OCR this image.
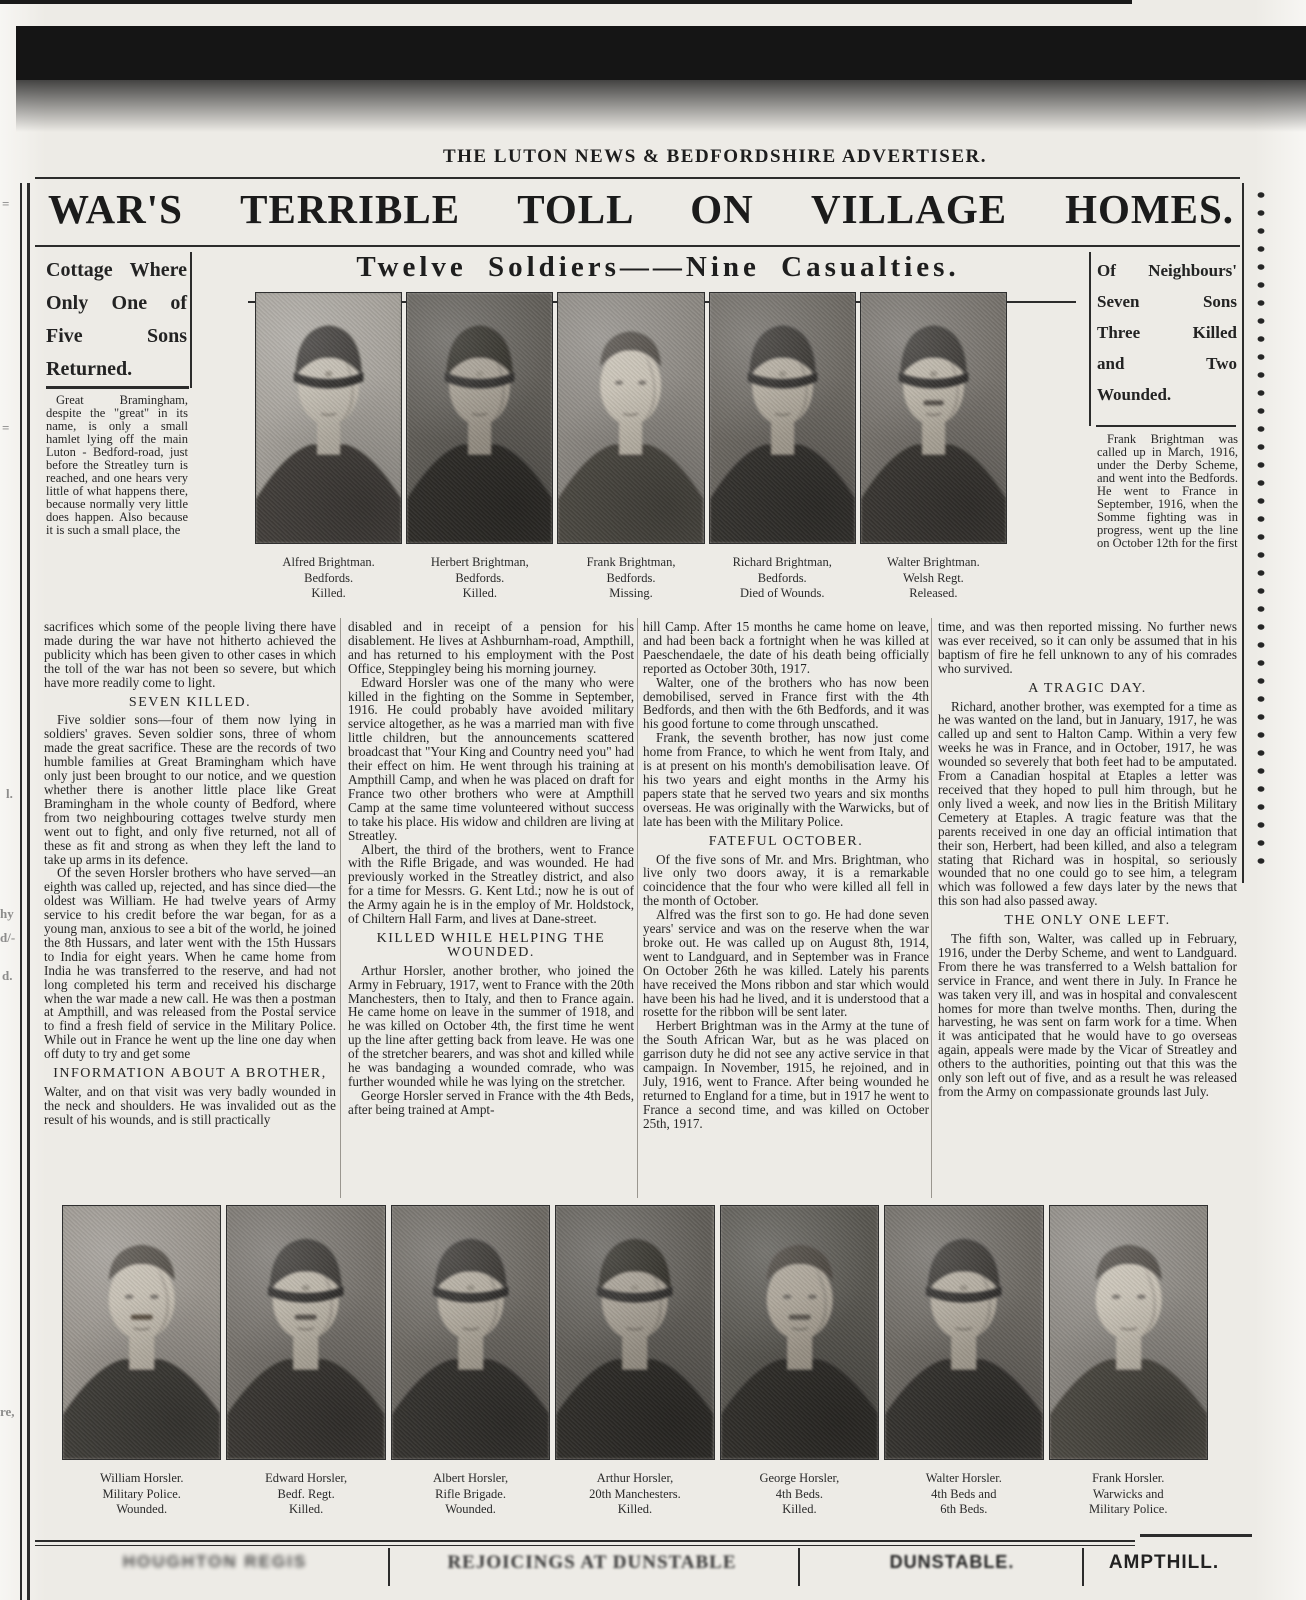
=
=
l.
hy
d/-
d.
re,
THE LUTON NEWS & BEDFORDSHIRE ADVERTISER.
WAR'S TERRIBLE TOLL ON VILLAGE HOMES.
Twelve Soldiers——Nine Casualties.
Cottage Where
Only One of
Five Sons
Returned.
Great Bramingham, despite the "great" in its name, is only a small hamlet lying off the main Luton - Bedford-road, just before the Streatley turn is reached, and one hears very little of what happens there, because normally very little does happen. Also because it is such a small place, the
Of Neighbours'
Seven Sons
Three Killed
and Two
Wounded.
Frank Brightman was called up in March, 1916, under the Derby Scheme, and went into the Bedfords. He went to France in September, 1916, when the Somme fighting was in progress, went up the line on October 12th for the first
Alfred Brightman.
Bedfords.
Killed.
Herbert Brightman,
Bedfords.
Killed.
Frank Brightman,
Bedfords.
Missing.
Richard Brightman,
Bedfords.
Died of Wounds.
Walter Brightman.
Welsh Regt.
Released.

sacrifices which some of the people living there have made during the war have not hitherto achieved the publicity which has been given to other cases in which the toll of the war has not been so severe, but which have more readily come to light.

SEVEN KILLED.

Five soldier sons—four of them now lying in soldiers' graves. Seven soldier sons, three of whom made the great sacrifice. These are the records of two humble families at Great Bramingham which have only just been brought to our notice, and we question whether there is another little place like Great Bramingham in the whole county of Bedford, where from two neighbouring cottages twelve sturdy men went out to fight, and only five returned, not all of these as fit and strong as when they left the land to take up arms in its defence.

Of the seven Horsler brothers who have served—an eighth was called up, rejected, and has since died—the oldest was William. He had twelve years of Army service to his credit before the war began, for as a young man, anxious to see a bit of the world, he joined the 8th Hussars, and later went with the 15th Hussars to India for eight years. When he came home from India he was transferred to the reserve, and had not long completed his term and received his discharge when the war made a new call. He was then a postman at Ampthill, and was released from the Postal service to find a fresh field of service in the Military Police. While out in France he went up the line one day when off duty to try and get some

INFORMATION ABOUT A BROTHER,

Walter, and on that visit was very badly wounded in the neck and shoulders. He was invalided out as the result of his wounds, and is still practically

disabled and in receipt of a pension for his disablement. He lives at Ashburnham-road, Ampthill, and has returned to his employment with the Post Office, Steppingley being his morning journey.

Edward Horsler was one of the many who were killed in the fighting on the Somme in September, 1916. He could probably have avoided military service altogether, as he was a married man with five little children, but the announcements scattered broadcast that "Your King and Country need you" had their effect on him. He went through his training at Ampthill Camp, and when he was placed on draft for France two other brothers who were at Ampthill Camp at the same time volunteered without success to take his place. His widow and children are living at Streatley.

Albert, the third of the brothers, went to France with the Rifle Brigade, and was wounded. He had previously worked in the Streatley district, and also for a time for Messrs. G. Kent Ltd.; now he is out of the Army again he is in the employ of Mr. Holdstock, of Chiltern Hall Farm, and lives at Dane-street.

KILLED WHILE HELPING THE WOUNDED.

Arthur Horsler, another brother, who joined the Army in February, 1917, went to France with the 20th Manchesters, then to Italy, and then to France again. He came home on leave in the summer of 1918, and he was killed on October 4th, the first time he went up the line after getting back from leave. He was one of the stretcher bearers, and was shot and killed while he was bandaging a wounded comrade, who was further wounded while he was lying on the stretcher.

George Horsler served in France with the 4th Beds, after being trained at Ampt-

hill Camp. After 15 months he came home on leave, and had been back a fortnight when he was killed at Paeschendaele, the date of his death being officially reported as October 30th, 1917.

Walter, one of the brothers who has now been demobilised, served in France first with the 4th Bedfords, and then with the 6th Bedfords, and it was his good fortune to come through unscathed.

Frank, the seventh brother, has now just come home from France, to which he went from Italy, and is at present on his month's demobilisation leave. Of his two years and eight months in the Army his papers state that he served two years and six months overseas. He was originally with the Warwicks, but of late has been with the Military Police.

FATEFUL OCTOBER.

Of the five sons of Mr. and Mrs. Brightman, who live only two doors away, it is a remarkable coincidence that the four who were killed all fell in the month of October.

Alfred was the first son to go. He had done seven years' service and was on the reserve when the war broke out. He was called up on August 8th, 1914, went to Landguard, and in September was in France On October 26th he was killed. Lately his parents have received the Mons ribbon and star which would have been his had he lived, and it is understood that a rosette for the ribbon will be sent later.

Herbert Brightman was in the Army at the tune of the South African War, but as he was placed on garrison duty he did not see any active service in that campaign. In November, 1915, he rejoined, and in July, 1916, went to France. After being wounded he returned to England for a time, but in 1917 he went to France a second time, and was killed on October 25th, 1917.

time, and was then reported missing. No further news was ever received, so it can only be assumed that in his baptism of fire he fell unknown to any of his comrades who survived.

A TRAGIC DAY.

Richard, another brother, was exempted for a time as he was wanted on the land, but in January, 1917, he was called up and sent to Halton Camp. Within a very few weeks he was in France, and in October, 1917, he was wounded so severely that both feet had to be amputated. From a Canadian hospital at Etaples a letter was received that they hoped to pull him through, but he only lived a week, and now lies in the British Military Cemetery at Etaples. A tragic feature was that the parents received in one day an official intimation that their son, Herbert, had been killed, and also a telegram stating that Richard was in hospital, so seriously wounded that no one could go to see him, a telegram which was followed a few days later by the news that this son had also passed away.

THE ONLY ONE LEFT.

The fifth son, Walter, was called up in February, 1916, under the Derby Scheme, and went to Landguard. From there he was transferred to a Welsh battalion for service in France, and went there in July. In France he was taken very ill, and was in hospital and convalescent homes for more than twelve months. Then, during the harvesting, he was sent on farm work for a time. When it was anticipated that he would have to go overseas again, appeals were made by the Vicar of Streatley and others to the authorities, pointing out that this was the only son left out of five, and as a result he was released from the Army on compassionate grounds last July.

William Horsler.
Military Police.
Wounded.
Edward Horsler,
Bedf. Regt.
Killed.
Albert Horsler,
Rifle Brigade.
Wounded.
Arthur Horsler,
20th Manchesters.
Killed.
George Horsler,
4th Beds.
Killed.
Walter Horsler.
4th Beds and
6th Beds.
Frank Horsler.
Warwicks and
Military Police.
HOUGHTON REGIS	REJOICINGS AT DUNSTABLE	DUNSTABLE.	AMPTHILL.
